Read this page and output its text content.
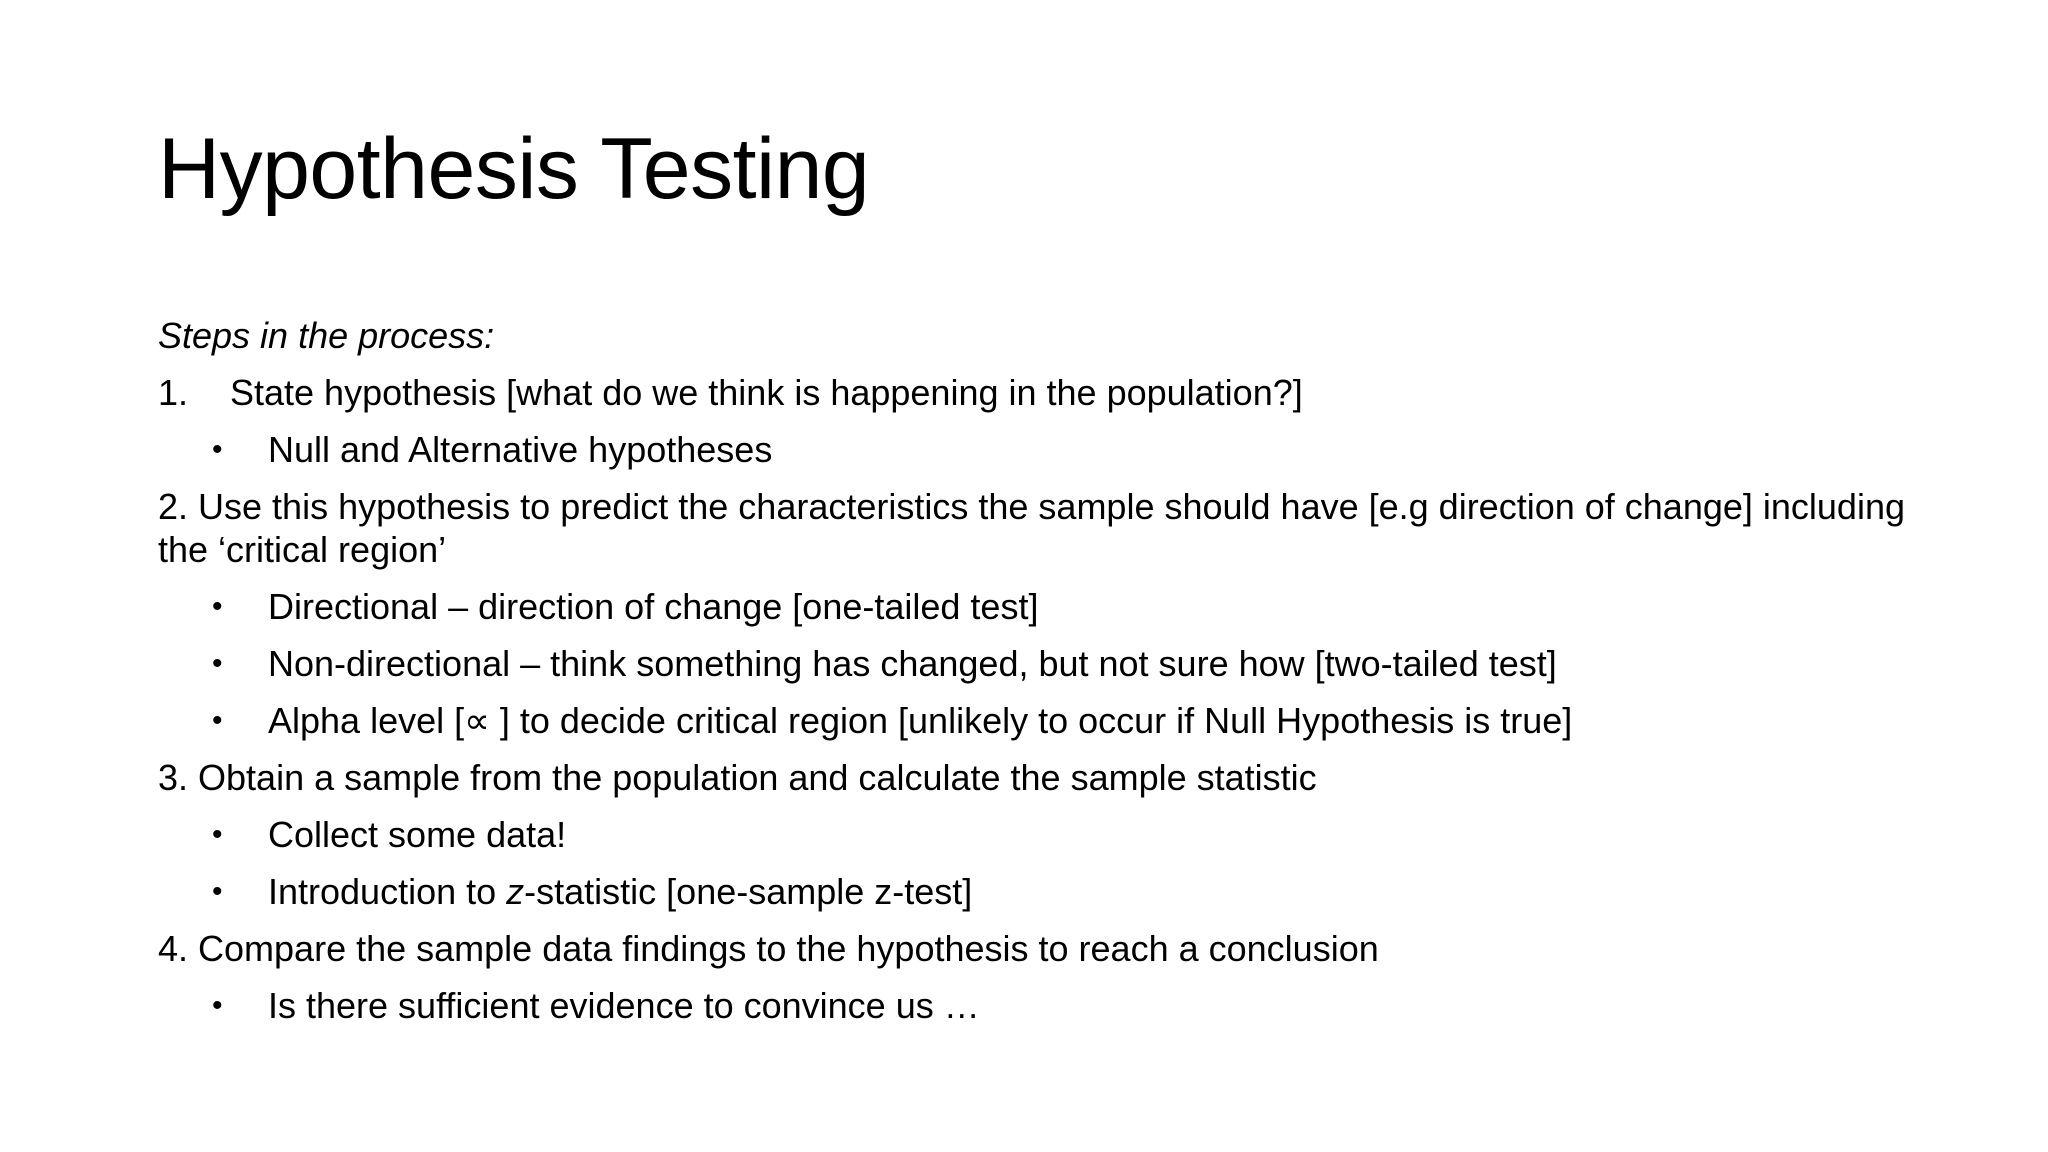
Hypothesis Testing
Steps in the process:
1.	State hypothesis [what do we think is happening in the population?]
•	Null and Alternative hypotheses
2. Use this hypothesis to predict the characteristics the sample should have [e.g direction of change] including the ‘critical region’
•	Directional – direction of change [one-tailed test]
•	Non-directional – think something has changed, but not sure how [two-tailed test]
•	Alpha level [∝ ] to decide critical region [unlikely to occur if Null Hypothesis is true]
3. Obtain a sample from the population and calculate the sample statistic
•	Collect some data!
•	Introduction to z-statistic [one-sample z-test]
4. Compare the sample data findings to the hypothesis to reach a conclusion
•	Is there sufficient evidence to convince us …
